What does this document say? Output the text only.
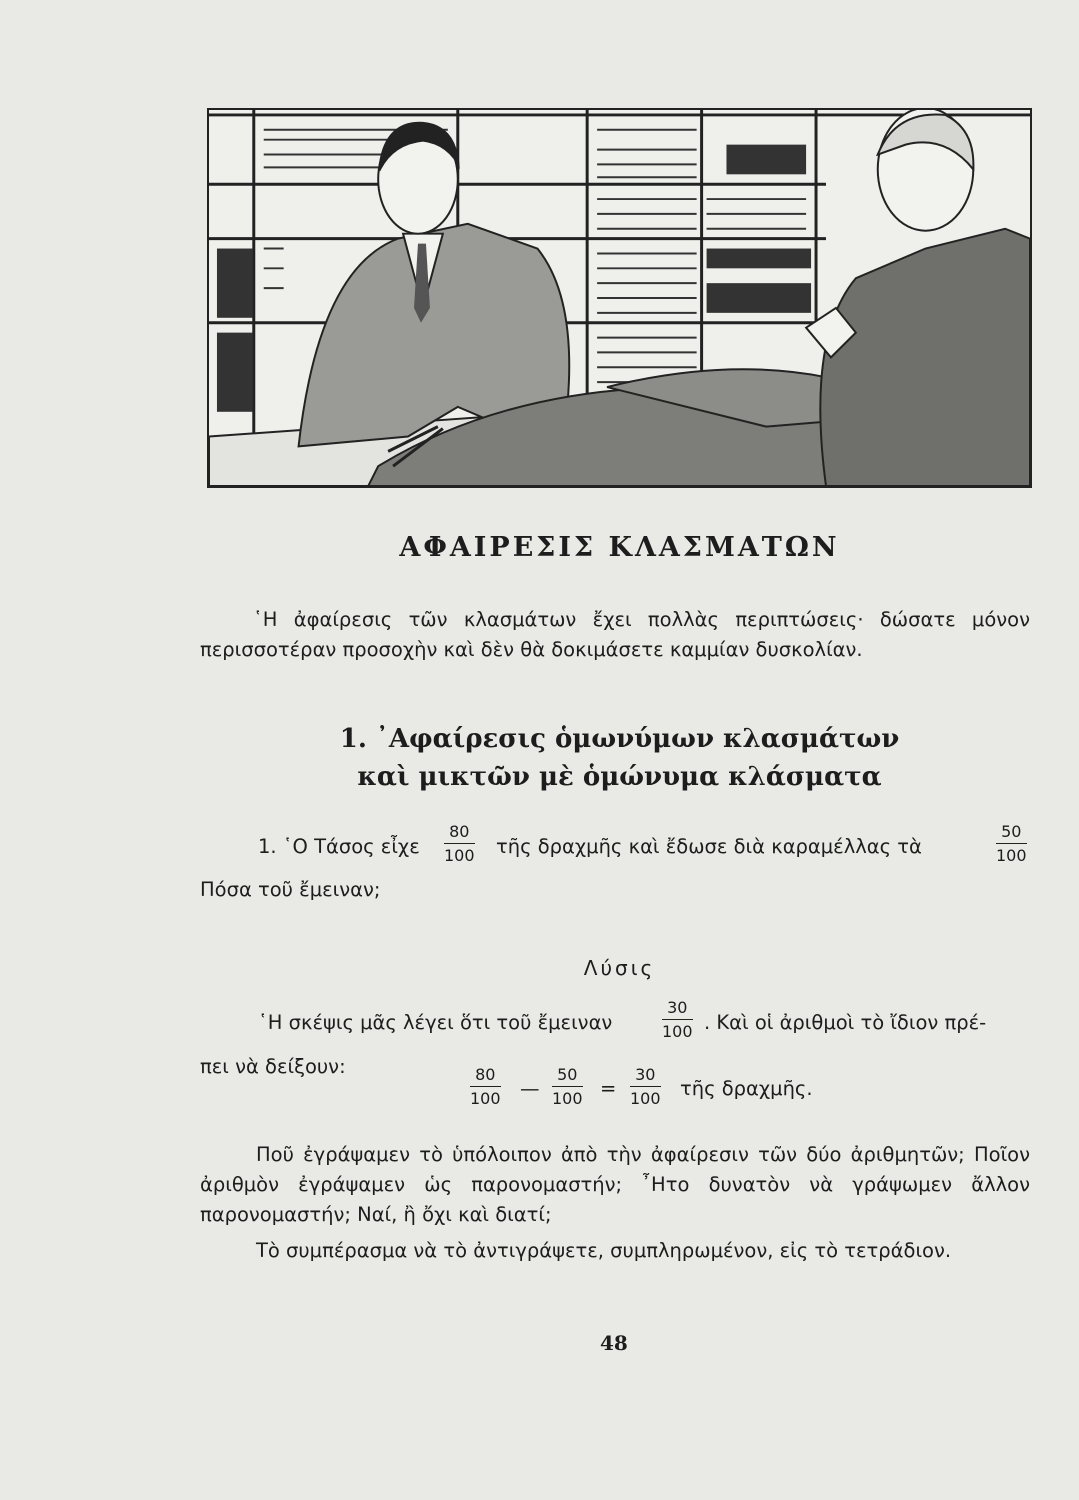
ΑΦΑΙΡΕΣΙΣ ΚΛΑΣΜΑΤΩΝ
῾Η ἀφαίρεσις τῶν κλασμάτων ἔχει πολλὰς περιπτώσεις· δώσατε μόνον περισσοτέραν προσοχὴν καὶ δὲν θὰ δοκιμάσετε καμμίαν δυσκολίαν.
1. ᾿Αφαίρεσις ὁμωνύμων κλασμάτων
καὶ μικτῶν μὲ ὁμώνυμα κλάσματα
1. ῾Ο Τάσος εἶχε $\frac{80}{100}$ τῆς δραχμῆς καὶ ἔδωσε διὰ καραμέλλας τὰ	$\frac{50}{100}$
Πόσα τοῦ ἔμειναν;
Λύσις
῾Η σκέψις μᾶς λέγει ὅτι τοῦ ἔμειναν	$\frac{30}{100}$ . Καὶ οἱ ἀριθμοὶ τὸ ἴδιον πρέ-
πει νὰ δείξουν:	$\frac{80}{100}$ — $\frac{50}{100} = \frac{30}{100}$ τῆς δραχμῆς.
Ποῦ ἐγράψαμεν τὸ ὑπόλοιπον ἀπὸ τὴν ἀφαίρεσιν τῶν δύο ἀριθμητῶν; Ποῖον ἀριθμὸν ἐγράψαμεν ὡς παρονομαστήν; ῏Ητο δυνατὸν νὰ γράψωμεν ἄλλον παρονομαστήν; Ναί, ἢ ὄχι καὶ διατί;
Τὸ συμπέρασμα νὰ τὸ ἀντιγράψετε, συμπληρωμένον, εἰς τὸ τετράδιον.
48
